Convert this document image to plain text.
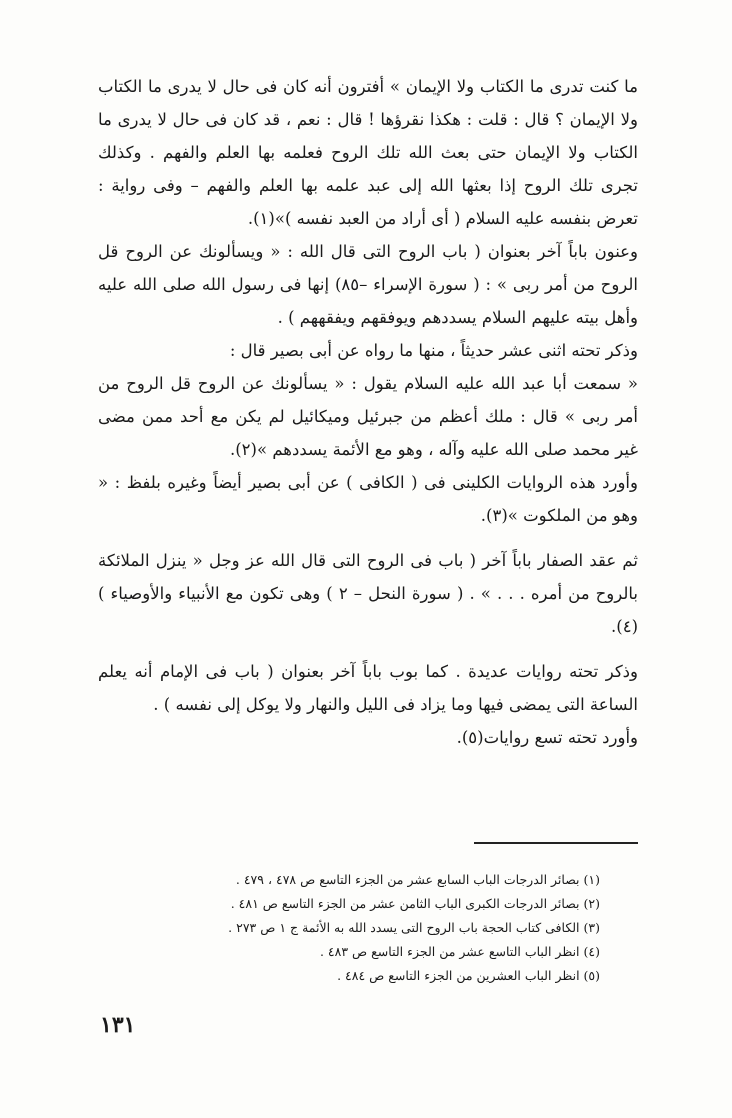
ما كنت تدرى ما الكتاب ولا الإيمان » أفترون أنه كان فى حال لا يدرى ما الكتاب ولا الإيمان ؟ قال : قلت : هكذا نقرؤها ! قال : نعم ، قد كان فى حال لا يدرى ما الكتاب ولا الإيمان حتى بعث الله تلك الروح فعلمه بها العلم والفهم . وكذلك تجرى تلك الروح إذا بعثها الله إلى عبد علمه بها العلم والفهم – وفى رواية : تعرض بنفسه عليه السلام ( أى أراد من العبد نفسه )»(١).

وعنون باباً آخر بعنوان ( باب الروح التى قال الله : « ويسألونك عن الروح قل الروح من أمر ربى » : ( سورة الإسراء –٨٥) إنها فى رسول الله صلى الله عليه وأهل بيته عليهم السلام يسددهم ويوفقهم ويفقههم ) .

وذكر تحته اثنى عشر حديثاً ، منها ما رواه عن أبى بصير قال :

« سمعت أبا عبد الله عليه السلام يقول : « يسألونك عن الروح قل الروح من أمر ربى » قال : ملك أعظم من جبرئيل وميكائيل لم يكن مع أحد ممن مضى غير محمد صلى الله عليه وآله ، وهو مع الأئمة يسددهم »(٢).

وأورد هذه الروايات الكلينى فى ( الكافى ) عن أبى بصير أيضاً وغيره بلفظ : « وهو من الملكوت »(٣).

ثم عقد الصفار باباً آخر ( باب فى الروح التى قال الله عز وجل « ينزل الملائكة بالروح من أمره . . . » . ( سورة النحل – ٢ ) وهى تكون مع الأنبياء والأوصياء )(٤).

وذكر تحته روايات عديدة . كما بوب باباً آخر بعنوان ( باب فى الإمام أنه يعلم الساعة التى يمضى فيها وما يزاد فى الليل والنهار ولا يوكل إلى نفسه ) .

وأورد تحته تسع روايات(٥).

(١) بصائر الدرجات الباب السابع عشر من الجزء التاسع ص ٤٧٨ ، ٤٧٩ .

(٢) بصائر الدرجات الكبرى الباب الثامن عشر من الجزء التاسع ص ٤٨١ .

(٣) الكافى كتاب الحجة باب الروح التى يسدد الله به الأئمة ج ١ ص ٢٧٣ .

(٤) انظر الباب التاسع عشر من الجزء التاسع ص ٤٨٣ .

(٥) انظر الباب العشرين من الجزء التاسع ص ٤٨٤ .

١٣١
